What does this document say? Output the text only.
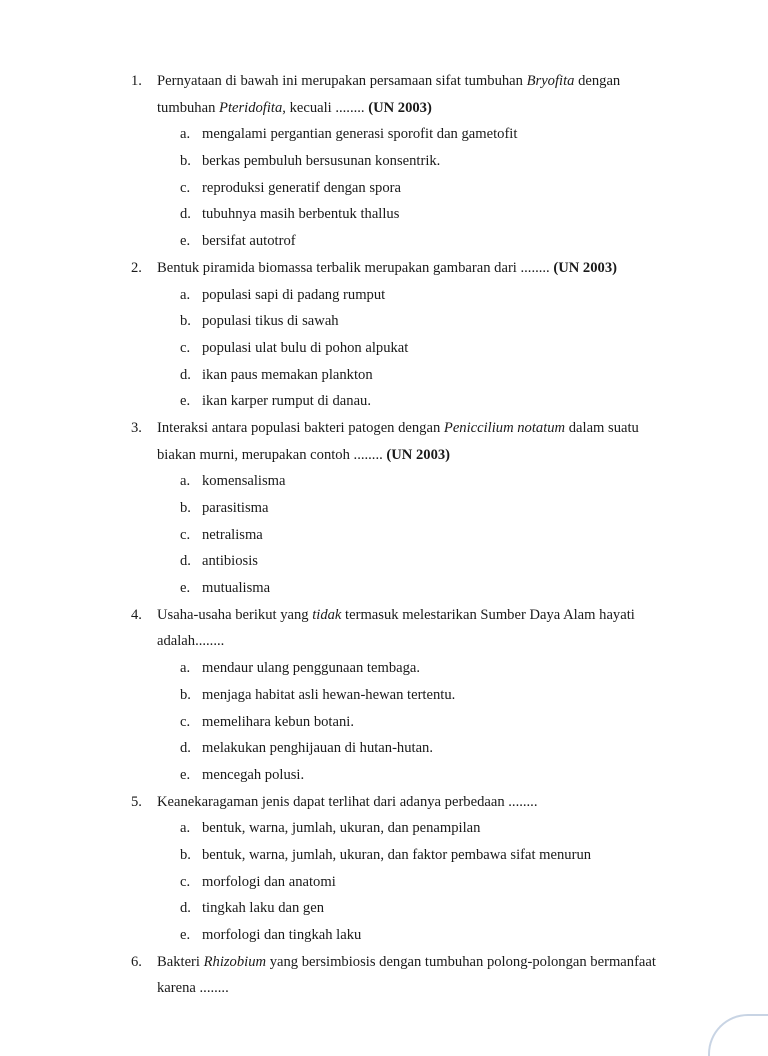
1. Pernyataan di bawah ini merupakan persamaan sifat tumbuhan Bryofita dengan
tumbuhan Pteridofita, kecuali ........ (UN 2003)
a. mengalami pergantian generasi sporofit dan gametofit
b. berkas pembuluh bersusunan konsentrik.
c. reproduksi generatif dengan spora
d. tubuhnya masih berbentuk thallus
e. bersifat autotrof
2. Bentuk piramida biomassa terbalik merupakan gambaran dari ........ (UN 2003)
a. populasi sapi di padang rumput
b. populasi tikus di sawah
c. populasi ulat bulu di pohon alpukat
d. ikan paus memakan plankton
e. ikan karper rumput di danau.
3. Interaksi antara populasi bakteri patogen dengan Peniccilium notatum dalam suatu
biakan murni, merupakan contoh ........ (UN 2003)
a. komensalisma
b. parasitisma
c. netralisma
d. antibiosis
e. mutualisma
4. Usaha-usaha berikut yang tidak termasuk melestarikan Sumber Daya Alam hayati
adalah........
a. mendaur ulang penggunaan tembaga.
b. menjaga habitat asli hewan-hewan tertentu.
c. memelihara kebun botani.
d. melakukan penghijauan di hutan-hutan.
e. mencegah polusi.
5. Keanekaragaman jenis dapat terlihat dari adanya perbedaan ........
a. bentuk, warna, jumlah, ukuran, dan penampilan
b. bentuk, warna, jumlah, ukuran, dan faktor pembawa sifat menurun
c. morfologi dan anatomi
d. tingkah laku dan gen
e. morfologi dan tingkah laku
6. Bakteri Rhizobium yang bersimbiosis dengan tumbuhan polong-polongan bermanfaat
karena ........
